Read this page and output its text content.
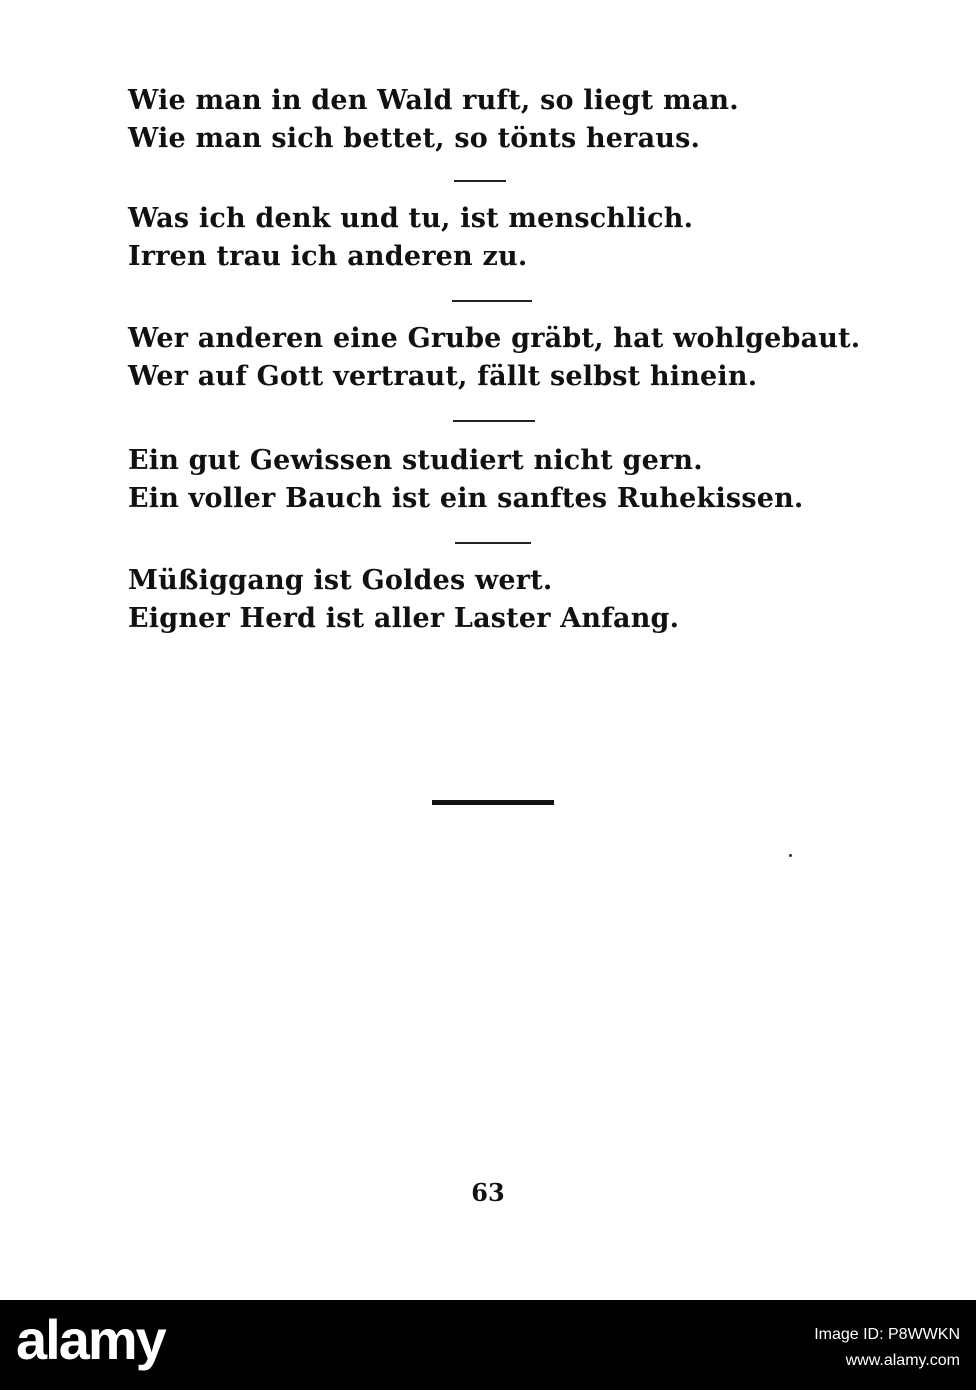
Wie man in den Wald ruft, so liegt man.
Wie man sich bettet, so tönts heraus.
Was ich denk und tu, ist menschlich.
Irren trau ich anderen zu.
Wer anderen eine Grube gräbt, hat wohlgebaut.
Wer auf Gott vertraut, fällt selbst hinein.
Ein gut Gewissen studiert nicht gern.
Ein voller Bauch ist ein sanftes Ruhekissen.
Müßiggang ist Goldes wert.
Eigner Herd ist aller Laster Anfang.
63
alamy	Image ID: P8WWKN
www.alamy.com
